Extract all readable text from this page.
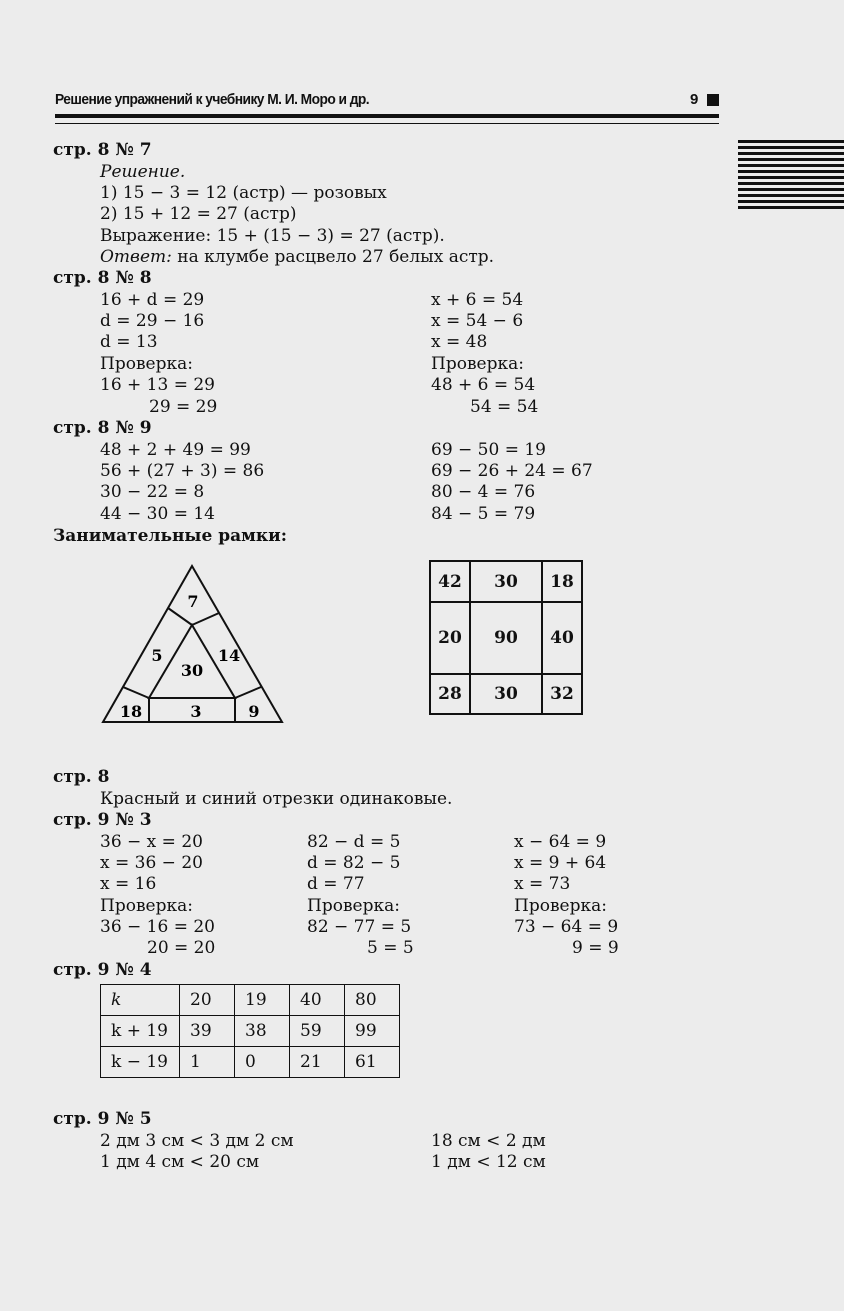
Решение упражнений к учебнику М. И. Моро и др.	9
стр. 8 № 7
Решение.
1) 15 − 3 = 12 (астр) — розовых
2) 15 + 12 = 27 (астр)
Выражение: 15 + (15 − 3) = 27 (астр).
Ответ: на клумбе расцвело 27 белых астр.
стр. 8 № 8
16 + d = 29
d = 29 − 16
d = 13
Проверка:
16 + 13 = 29
29 = 29
x + 6 = 54
x = 54 − 6
x = 48
Проверка:
48 + 6 = 54
54 = 54
стр. 8 № 9
48 + 2 + 49 = 99
56 + (27 + 3) = 86
30 − 22 = 8
44 − 30 = 14
69 − 50 = 19
69 − 26 + 24 = 67
80 − 4 = 76
84 − 5 = 79
Занимательные рамки:
7
5
30
14
18	3	9
42	30	18
20	90	40
28	30	32
стр. 8
Красный и синий отрезки одинаковые.
стр. 9 № 3
36 − x = 20
x = 36 − 20
x = 16
Проверка:
36 − 16 = 20
20 = 20
82 − d = 5
d = 82 − 5
d = 77
Проверка:
82 − 77 = 5
5 = 5
x − 64 = 9
x = 9 + 64
x = 73
Проверка:
73 − 64 = 9
9 = 9
стр. 9 № 4
k	20	19	40	80
k + 19	39	38	59	99
k − 19	1	0	21	61
стр. 9 № 5
2 дм 3 см < 3 дм 2 см
1 дм 4 см < 20 см
18 см < 2 дм
1 дм < 12 см
